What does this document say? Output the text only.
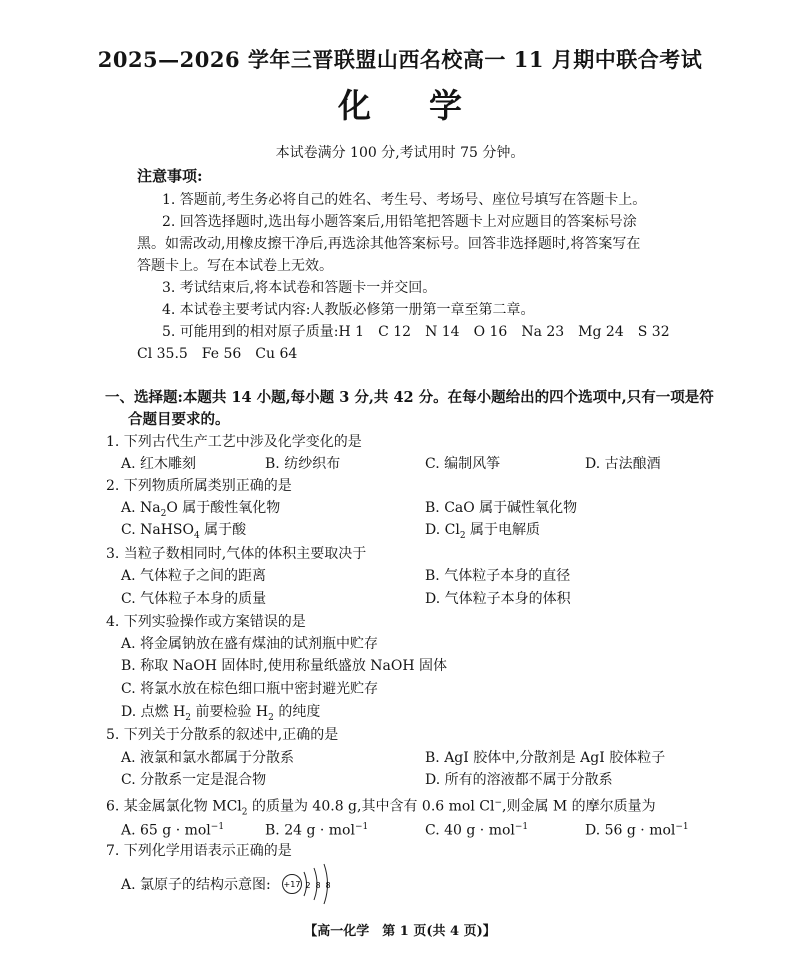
2025—2026 学年三晋联盟山西名校高一 11 月期中联合考试
化学
本试卷满分 100 分,考试用时 75 分钟。
注意事项:
1. 答题前,考生务必将自己的姓名、考生号、考场号、座位号填写在答题卡上。
2. 回答选择题时,选出每小题答案后,用铅笔把答题卡上对应题目的答案标号涂
黑。如需改动,用橡皮擦干净后,再选涂其他答案标号。回答非选择题时,将答案写在
答题卡上。写在本试卷上无效。
3. 考试结束后,将本试卷和答题卡一并交回。
4. 本试卷主要考试内容:人教版必修第一册第一章至第二章。
5. 可能用到的相对原子质量:H 1　C 12　N 14　O 16　Na 23　Mg 24　S 32
Cl 35.5　Fe 56　Cu 64
一、选择题:本题共 14 小题,每小题 3 分,共 42 分。在每小题给出的四个选项中,只有一项是符
合题目要求的。
1. 下列古代生产工艺中涉及化学变化的是
A. 红木雕刻	B. 纺纱织布	C. 编制风筝	D. 古法酿酒
2. 下列物质所属类别正确的是
A. $Na_2O$ 属于酸性氧化物	B. CaO 属于碱性氧化物
C. NaHSO$_4$ 属于酸	D. $Cl_2$ 属于电解质
3. 当粒子数相同时,气体的体积主要取决于
A. 气体粒子之间的距离	B. 气体粒子本身的直径
C. 气体粒子本身的质量	D. 气体粒子本身的体积
4. 下列实验操作或方案错误的是
A. 将金属钠放在盛有煤油的试剂瓶中贮存
B. 称取 NaOH 固体时,使用称量纸盛放 NaOH 固体
C. 将氯水放在棕色细口瓶中密封避光贮存
D. 点燃 $H_2$ 前要检验 $H_2$ 的纯度
5. 下列关于分散系的叙述中,正确的是
A. 液氯和氯水都属于分散系	B. AgI 胶体中,分散剂是 AgI 胶体粒子
C. 分散系一定是混合物	D. 所有的溶液都不属于分散系
6. 某金属氯化物 MCl$_2$ 的质量为 40.8 g,其中含有 0.6 mol Cl−,则金属 M 的摩尔质量为
A. 65 g · mol$^{-1}$	B. 24 g · mol$^{-1}$	C. 40 g · mol$^{-1}$	D. 56 g · mol$^{-1}$
7. 下列化学用语表示正确的是
A. 氯原子的结构示意图: +17 2 8 8
【高一化学　第 1 页(共 4 页)】
